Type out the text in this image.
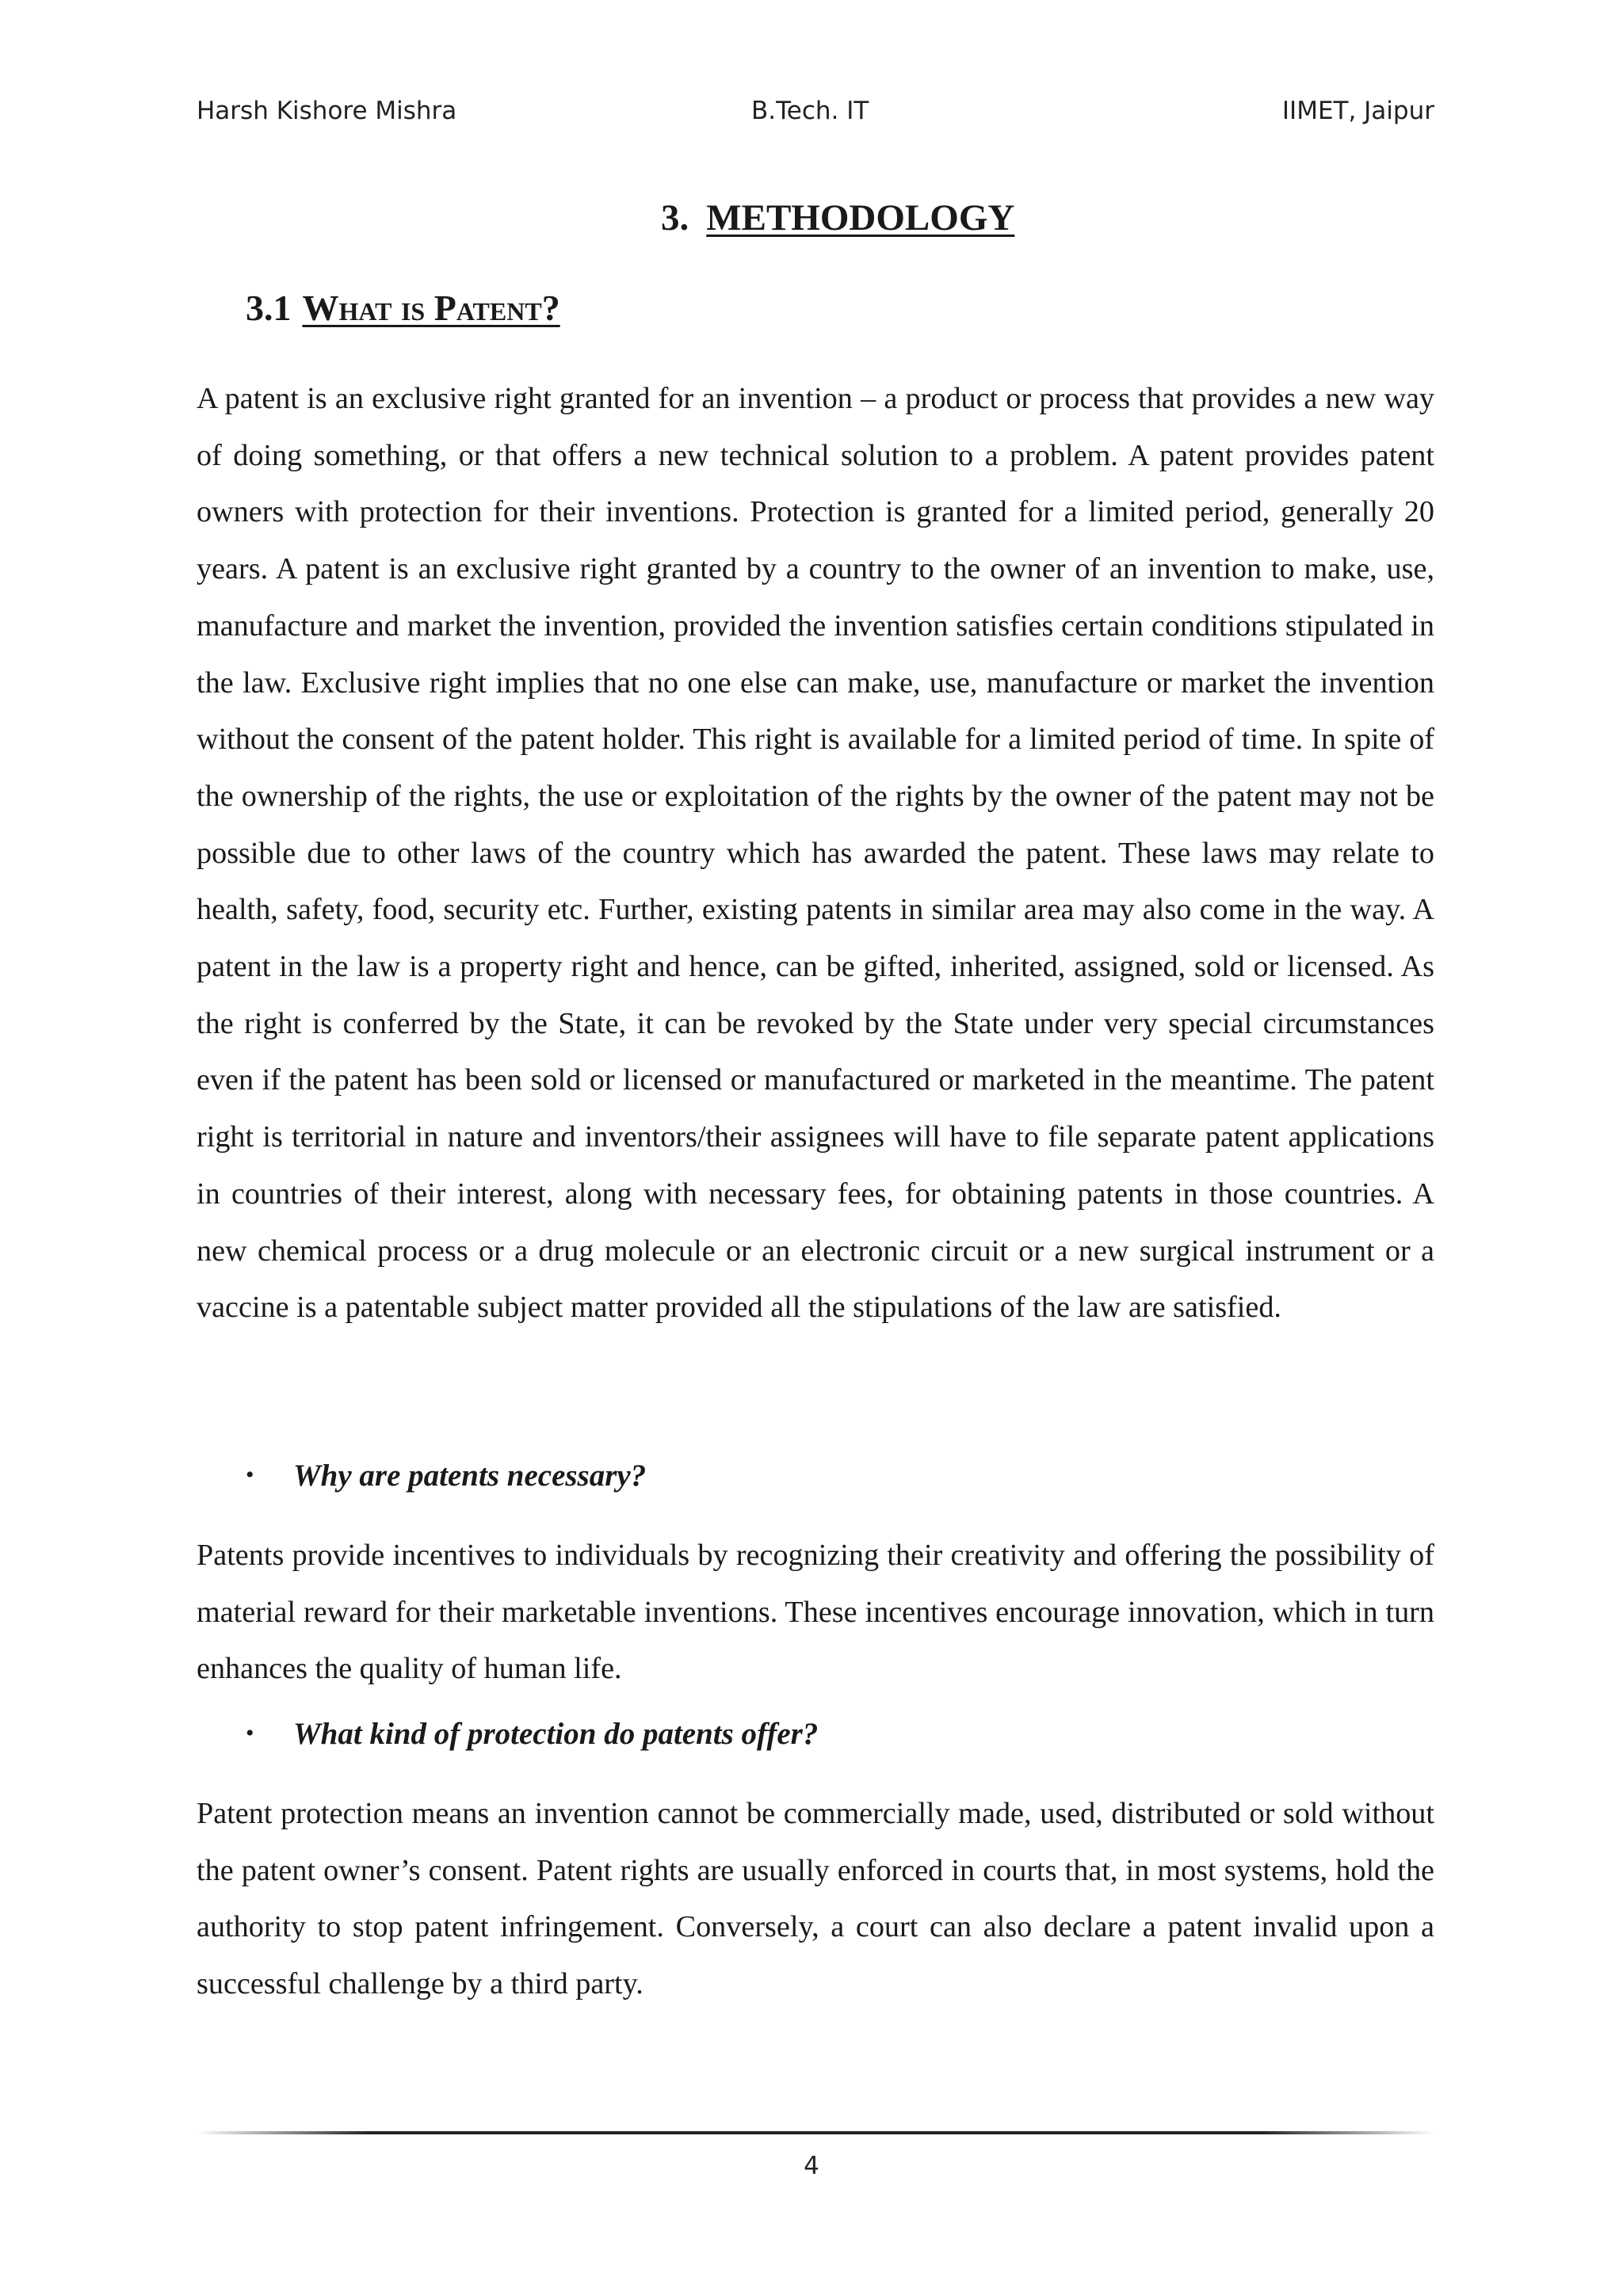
Harsh Kishore Mishra	B.Tech. IT	IIMET, Jaipur
3. METHODOLOGY
3.1 What is Patent?

A patent is an exclusive right granted for an invention – a product or process that provides a new way of doing something, or that offers a new technical solution to a problem. A patent provides patent owners with protection for their inventions. Protection is granted for a limited period, generally 20 years. A patent is an exclusive right granted by a country to the owner of an invention to make, use, manufacture and market the invention, provided the invention satisfies certain conditions stipulated in the law. Exclusive right implies that no one else can make, use, manufacture or market the invention without the consent of the patent holder. This right is available for a limited period of time. In spite of the ownership of the rights, the use or exploitation of the rights by the owner of the patent may not be possible due to other laws of the country which has awarded the patent. These laws may relate to health, safety, food, security etc. Further, existing patents in similar area may also come in the way. A patent in the law is a property right and hence, can be gifted, inherited, assigned, sold or licensed. As the right is conferred by the State, it can be revoked by the State under very special circumstances even if the patent has been sold or licensed or manufactured or marketed in the meantime. The patent right is territorial in nature and inventors/their assignees will have to file separate patent applications in countries of their interest, along with necessary fees, for obtaining patents in those countries. A new chemical process or a drug molecule or an electronic circuit or a new surgical instrument or a vaccine is a patentable subject matter provided all the stipulations of the law are satisfied.

• Why are patents necessary?

Patents provide incentives to individuals by recognizing their creativity and offering the possibility of material reward for their marketable inventions. These incentives encourage innovation, which in turn enhances the quality of human life.

• What kind of protection do patents offer?

Patent protection means an invention cannot be commercially made, used, distributed or sold without the patent owner’s consent. Patent rights are usually enforced in courts that, in most systems, hold the authority to stop patent infringement. Conversely, a court can also declare a patent invalid upon a successful challenge by a third party.

4
